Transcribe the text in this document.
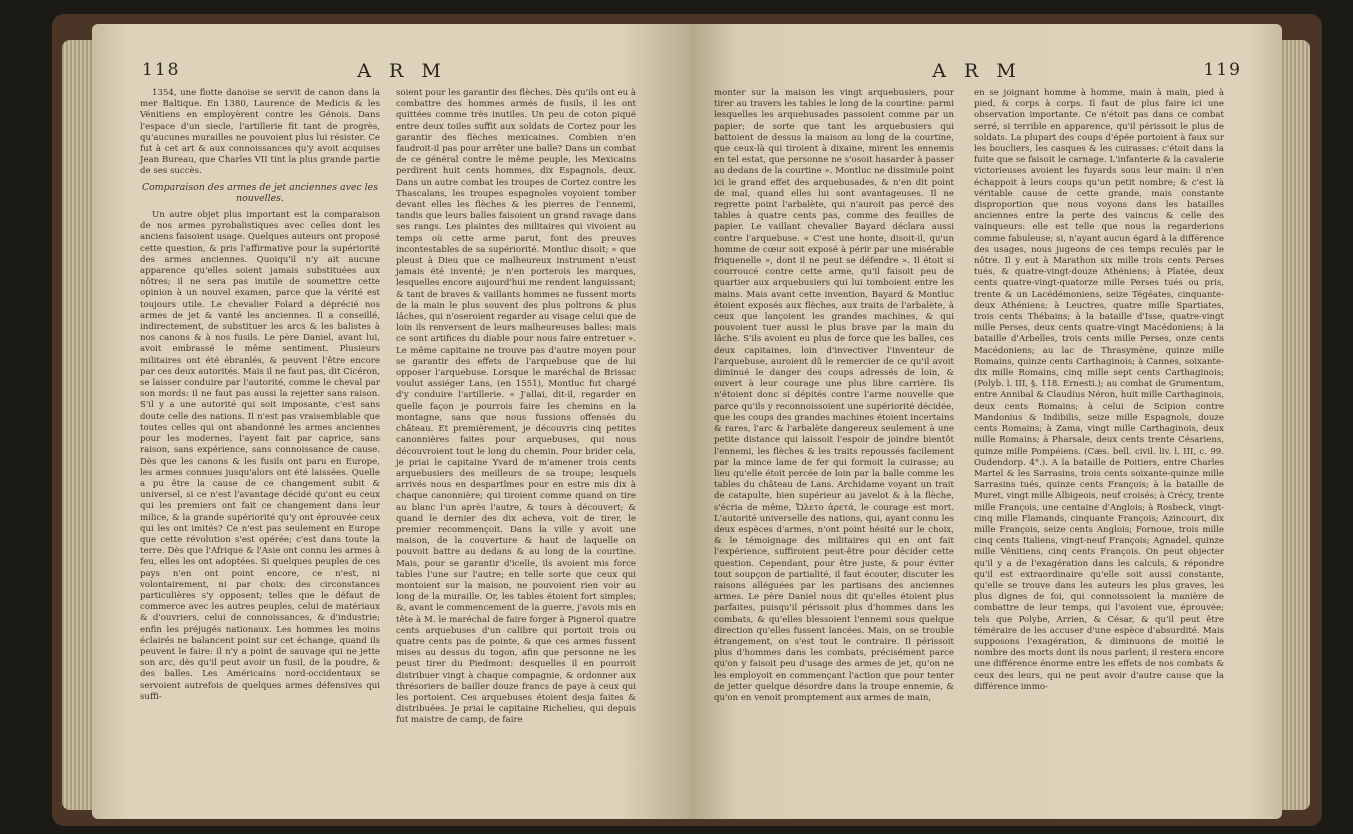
118	A R M

1354, une flotte danoise se servit de canon dans la mer Baltique. En 1380, Laurence de Medicis & les Vénitiens en employèrent contre les Génois. Dans l'espace d'un siecle, l'artillerie fit tant de progrès, qu'aucunes murailles ne pouvoient plus lui résister. Ce fut à cet art & aux connoissances qu'y avoit acquises Jean Bureau, que Charles VII tint la plus grande partie de ses succès.

Comparaison des armes de jet anciennes avec les nouvelles.

Un autre objet plus important est la comparaison de nos armes pyrobalistiques avec celles dont les anciens faisoient usage. Quelques auteurs ont proposé cette question, & pris l'affirmative pour la supériorité des armes anciennes. Quoiqu'il n'y ait aucune apparence qu'elles soient jamais substituées aux nôtres; il ne sera pas inutile de soumettre cette opinion à un nouvel examen, parce que la vérité est toujours utile. Le chevalier Folard a déprécié nos armes de jet & vanté les anciennes. Il a conseillé, indirectement, de substituer les arcs & les balistes à nos canons & à nos fusils. Le père Daniel, avant lui, avoit embrassé le même sentiment. Plusieurs militaires ont été ébranlés, & peuvent l'être encore par ces deux autorités. Mais il ne faut pas, dit Cicéron, se laisser conduire par l'autorité, comme le cheval par son mords: il ne faut pas aussi la rejetter sans raison. S'il y a une autorité qui soit imposante, c'est sans doute celle des nations. Il n'est pas vraisemblable que toutes celles qui ont abandonné les armes anciennes pour les modernes, l'ayent fait par caprice, sans raison, sans expérience, sans connoissance de cause. Dès que les canons & les fusils ont paru en Europe, les armes connues jusqu'alors ont été laissées. Quelle a pu être la cause de ce changement subit & universel, si ce n'est l'avantage décidé qu'ont eu ceux qui les premiers ont fait ce changement dans leur milice, & la grande supériorité qu'y ont éprouvée ceux qui les ont imités? Ce n'est pas seulement en Europe que cette révolution s'est opérée; c'est dans toute la terre. Dès que l'Afrique & l'Asie ont connu les armes à feu, elles les ont adoptées. Si quelques peuples de ces pays n'en ont point encore, ce n'est, ni volontairement, ni par choix: des circonstances particulières s'y opposent; telles que le défaut de commerce avec les autres peuples, celui de matériaux & d'ouvriers, celui de connoissances, & d'industrie; enfin les préjugés nationaux. Les hommes les moins éclairés ne balancent point sur cet échange, quand ils peuvent le faire: il n'y a point de sauvage qui ne jette son arc, dès qu'il peut avoir un fusil, de la poudre, & des balles. Les Américains nord-occidentaux se servoient autrefois de quelques armes défensives qui suffi-

soient pour les garantir des flèches. Dès qu'ils ont eu à combattre des hommes armés de fusils, il les ont quittées comme très inutiles. Un peu de coton piqué entre deux toiles suffit aux soldats de Cortez pour les garantir des flèches mexicaines. Combien n'en faudroit-il pas pour arrêter une balle? Dans un combat de ce général contre le même peuple, les Mexicains perdirent huit cents hommes, dix Espagnols, deux. Dans un autre combat les troupes de Cortez contre les Thascalans, les troupes espagnoles voyoient tomber devant elles les flèches & les pierres de l'ennemi, tandis que leurs balles faisoient un grand ravage dans ses rangs. Les plaintes des militaires qui vivoient au temps où cette arme parut, font des preuves incontestables de sa supériorité. Montluc disoit; « que pleust à Dieu que ce malheureux instrument n'eust jamais été inventé; je n'en porterois les marques, lesquelles encore aujourd'hui me rendent languissant; & tant de braves & vaillants hommes ne fussent morts de la main le plus souvent des plus poltrons & plus lâches, qui n'oseroient regarder au visage celui que de loin ils renversent de leurs malheureuses balles: mais ce sont artifices du diable pour nous faire entretuer ». Le même capitaine ne trouve pas d'autre moyen pour se garantir des effets de l'arquebuse que de lui opposer l'arquebuse. Lorsque le maréchal de Brissac voulut assiéger Lans, (en 1551), Montluc fut chargé d'y conduire l'artillerie. « J'allai, dit-il, regarder en quelle façon je pourrois faire les chemins en la montagne, sans que nous fussions offensés du château. Et premièrement, je découvris cinq petites canonnières faites pour arquebuses, qui nous découvroient tout le long du chemin. Pour brider cela, je priai le capitaine Yvard de m'amener trois cents arquebusiers des meilleurs de sa troupe; lesquels arrivés nous en despartîmes pour en estre mis dix à chaque canonnière; qui tiroient comme quand on tire au blanc l'un après l'autre, & tours à découvert; & quand le dernier des dix acheva, voit de tirer, le premier recommençoit. Dans la ville y avoit une maison, de la couverture & haut de laquelle on pouvoit battre au dedans & au long de la courtine. Mais, pour se garantir d'icelle, ils avoient mis force tables l'une sur l'autre; en telle sorte que ceux qui montoient sur la maison, ne pouvoient rien voir au long de la muraille. Or, les tables étoient fort simples; &, avant le commencement de la guerre, j'avois mis en tête à M. le maréchal de faire forger à Pignerol quatre cents arquebuses d'un calibre qui portoit trois ou quatre cents pas de pointe, & que ces armes fussent mises au dessus du togon, afin que personne ne les peust tirer du Piedmont: desquelles il en pourroit distribuer vingt à chaque compagnie, & ordonner aux thrésoriers de bailler douze francs de paye à ceux qui les portoient. Ces arquebuses étoient desja faites & distribuées. Je priai le capitaine Richelieu, qui depuis fut maistre de camp, de faire

A R M	119

monter sur la maison les vingt arquebusiers, pour tirer au travers les tables le long de la courtine: parmi lesquelles les arquebusades passoient comme par un papier; de sorte que tant les arquebusiers qui battoient de dessus la maison au long de la courtine, que ceux-là qui tiroient à dixaine, mirent les ennemis en tel estat, que personne ne s'osoit hasarder à passer au dedans de la courtine ». Montluc ne dissimule point ici le grand effet des arquebusades, & n'en dit point de mal, quand elles lui sont avantageuses. Il ne regrette point l'arbalète, qui n'auroit pas percé des tables à quatre cents pas, comme des feuilles de papier. Le vaillant chevalier Bayard déclara aussi contre l'arquebuse. « C'est une honte, disoit-il, qu'un homme de cœur soit exposé à périr par une misérable friquenelle », dont il ne peut se défendre ». Il étoit si courroucé contre cette arme, qu'il faisoit peu de quartier aux arquebusiers qui lui tomboient entre les mains. Mais avant cette invention, Bayard & Montluc étoient exposés aux flèches, aux traits de l'arbalète, à ceux que lançoient les grandes machines, & qui pouvoient tuer aussi le plus brave par la main du lâche. S'ils avoient eu plus de force que les balles, ces deux capitaines, loin d'invectiver l'inventeur de l'arquebuse, auroient dû le remercier de ce qu'il avoit diminué le danger des coups adressés de loin, & ouvert à leur courage une plus libre carrière. Ils n'étoient donc si dépités contre l'arme nouvelle que parce qu'ils y reconnoissoient une supériorité décidée, que les coups des grandes machines étoient incertains & rares, l'arc & l'arbalète dangereux seulement à une petite distance qui laissoit l'espoir de joindre bientôt l'ennemi, les flèches & les traits repoussés facilement par la mince lame de fer qui formoit la cuirasse; au lieu qu'elle étoit percée de loin par la balle comme les tables du château de Lans. Archidame voyant un trait de catapulte, bien supérieur au javelot & à la flèche, s'écria de même, Ὤλετο ἀρετά, le courage est mort. L'autorité universelle des nations, qui, ayant connu les deux espèces d'armes, n'ont point hésité sur le choix, & le témoignage des militaires qui en ont fait l'expérience, suffiroient peut-être pour décider cette question. Cependant, pour être juste, & pour éviter tout soupçon de partialité, il faut écouter, discuter les raisons alléguées par les partisans des anciennes armes. Le père Daniel nous dit qu'elles étoient plus parfaites, puisqu'il périssoit plus d'hommes dans les combats, & qu'elles blessoient l'ennemi sous quelque direction qu'elles fussent lancées. Mais, on se trouble étrangement, on s'est tout le contraire. Il périssoit plus d'hommes dans les combats, précisément parce qu'on y faisoit peu d'usage des armes de jet, qu'on ne les employoit en commençant l'action que pour tenter de jetter quelque désordre dans la troupe ennemie, & qu'on en venoit promptement aux armes de main,

en se joignant homme à homme, main à main, pied à pied, & corps à corps. Il faut de plus faire ici une observation importante. Ce n'étoit pas dans ce combat serré, si terrible en apparence, qu'il périssoit le plus de soldats. La plupart des coups d'épée portoient à faux sur les boucliers, les casques & les cuirasses: c'étoit dans la fuite que se faisoit le carnage. L'infanterie & la cavalerie victorieuses avoient les fuyards sous leur main: il n'en échappoit à leurs coups qu'un petit nombre; & c'est là véritable cause de cette grande, mais constante disproportion que nous voyons dans les batailles anciennes entre la perte des vaincus & celle des vainqueurs: elle est telle que nous la regarderions comme fabuleuse; si, n'ayant aucun égard à la différence des usages, nous jugeons de ces temps reculés par le nôtre. Il y eut à Marathon six mille trois cents Perses tués, & quatre-vingt-douze Athéniens; à Platée, deux cents quatre-vingt-quatorze mille Perses tués ou pris, trente & un Lacédémoniens, seize Tégéates, cinquante-deux Athéniens; à Leuctres, quatre mille Spartiates, trois cents Thébains; à la bataille d'Isse, quatre-vingt mille Perses, deux cents quatre-vingt Macédoniens; à la bataille d'Arbelles, trois cents mille Perses, onze cents Macédoniens; au lac de Thrasymène, quinze mille Romains, quinze cents Carthaginois; à Cannes, soixante-dix mille Romains, cinq mille sept cents Carthaginois; (Polyb. l. III, §. 118. Ernesti.); au combat de Grumentum, entre Annibal & Claudius Néron, huit mille Carthaginois, deux cents Romains; à celui de Scipion contre Mandonius & Indibilis, seize mille Espagnols, douze cents Romains; à Zama, vingt mille Carthaginois, deux mille Romains; à Pharsale, deux cents trente Césariens, quinze mille Pompéiens. (Cæs. bell. civil. liv. l. III, c. 99. Oudendorp. 4°.). A la bataille de Poitiers, entre Charles Martel & les Sarrasins, trois cents soixante-quinze mille Sarrasins tués, quinze cents François; à la bataille de Muret, vingt mille Albigeois, neuf croisés; à Crécy, trente mille François, une centaine d'Anglois; à Rosbeck, vingt-cinq mille Flamands, cinquante François; Azincourt, dix mille François, seize cents Anglois; Fornoue, trois mille cinq cents Italiens, vingt-neuf François; Agnadel, quinze mille Vénitiens, cinq cents François. On peut objecter qu'il y a de l'exagération dans les calculs, & répondre qu'il est extraordinaire qu'elle soit aussi constante, qu'elle se trouve dans les auteurs les plus graves, les plus dignes de foi, qui connoissoient la manière de combattre de leur temps, qui l'avoient vue, éprouvée; tels que Polybe, Arrien, & César, & qu'il peut être téméraire de les accuser d'une espèce d'absurdité. Mais supposons l'exagération, & diminuons de moitié le nombre des morts dont ils nous parlent; il restera encore une différence énorme entre les effets de nos combats & ceux des leurs, qui ne peut avoir d'autre cause que la différence immo-
